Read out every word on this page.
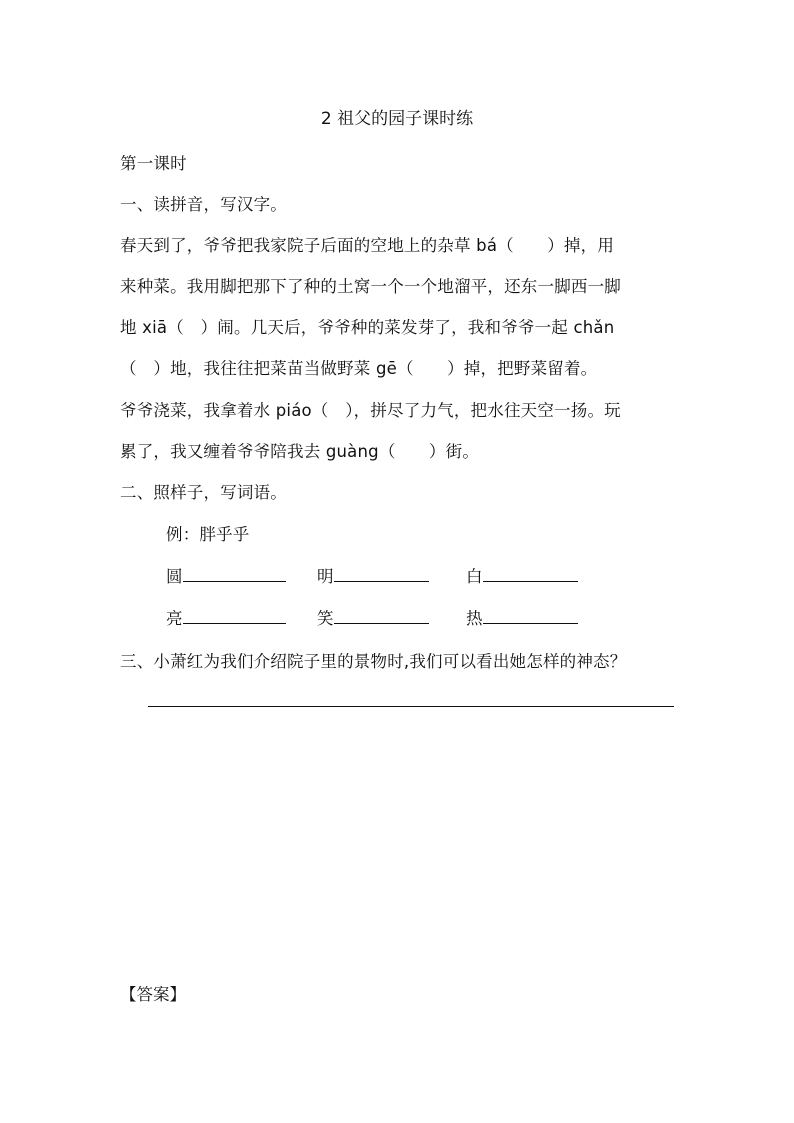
2 祖父的园子课时练
第一课时
一、读拼音，写汉字。
春天到了，爷爷把我家院子后面的空地上的杂草 bá（　　）掉，用
来种菜。我用脚把那下了种的土窝一个一个地溜平，还东一脚西一脚
地 xiā（　）闹。几天后，爷爷种的菜发芽了，我和爷爷一起 chǎn
（　）地，我往往把菜苗当做野菜 gē（　　）掉，把野菜留着。
爷爷浇菜，我拿着水 piáo（　），拼尽了力气，把水往天空一扬。玩
累了，我又缠着爷爷陪我去 guàng（　　）街。
二、照样子，写词语。
例：胖乎乎
圆	明	白
亮	笑	热
三、小萧红为我们介绍院子里的景物时,我们可以看出她怎样的神态？
【答案】
